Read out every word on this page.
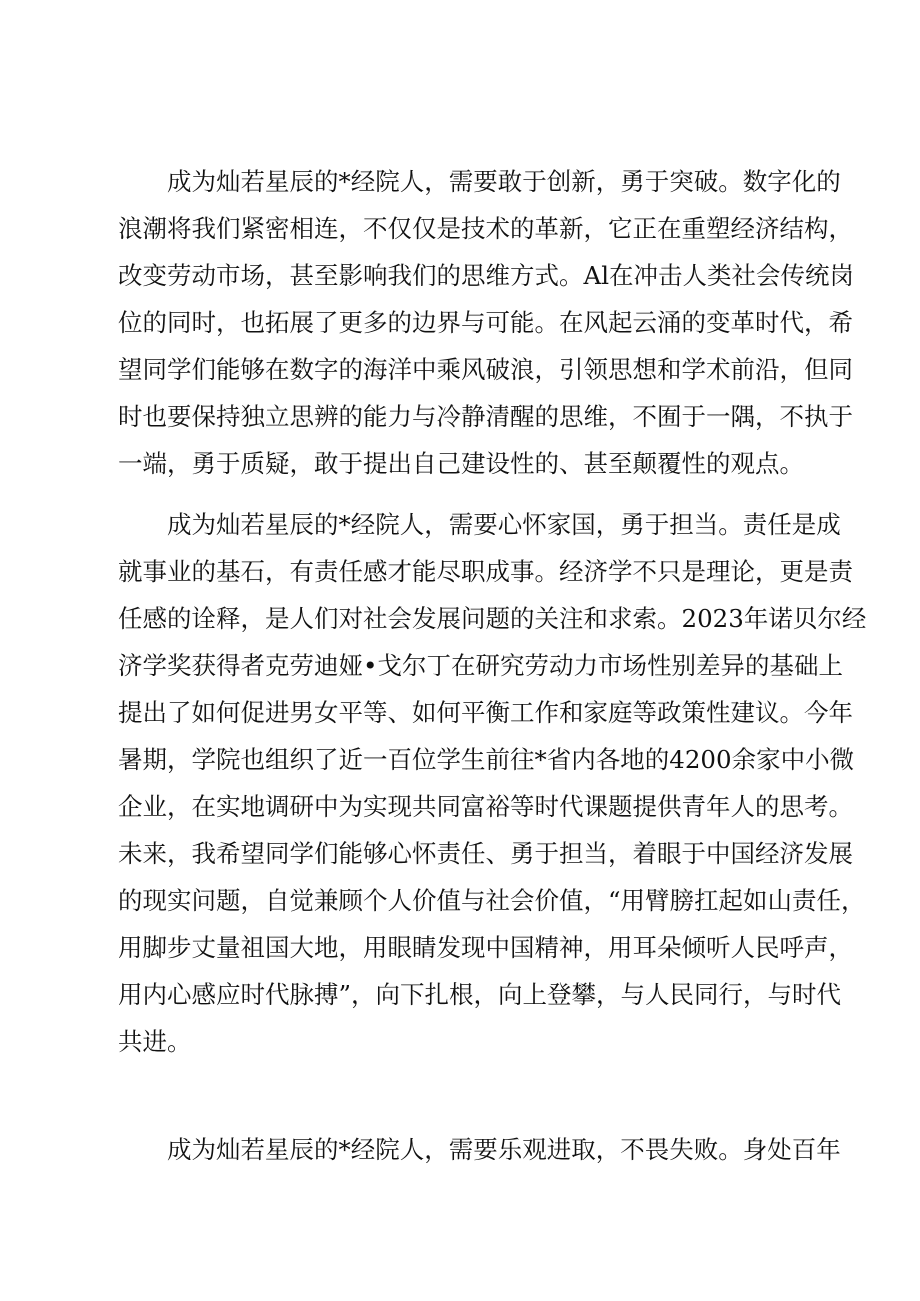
成为灿若星辰的*经院人，需要敢于创新，勇于突破。数字化的
浪潮将我们紧密相连，不仅仅是技术的革新，它正在重塑经济结构，
改变劳动市场，甚至影响我们的思维方式。Al在冲击人类社会传统岗
位的同时，也拓展了更多的边界与可能。在风起云涌的变革时代，希
望同学们能够在数字的海洋中乘风破浪，引领思想和学术前沿，但同
时也要保持独立思辨的能力与冷静清醒的思维，不囿于一隅，不执于
一端，勇于质疑，敢于提出自己建设性的、甚至颠覆性的观点。
成为灿若星辰的*经院人，需要心怀家国，勇于担当。责任是成
就事业的基石，有责任感才能尽职成事。经济学不只是理论，更是责
任感的诠释，是人们对社会发展问题的关注和求索。2023年诺贝尔经
济学奖获得者克劳迪娅•戈尔丁在研究劳动力市场性别差异的基础上
提出了如何促进男女平等、如何平衡工作和家庭等政策性建议。今年
暑期，学院也组织了近一百位学生前往*省内各地的4200余家中小微
企业，在实地调研中为实现共同富裕等时代课题提供青年人的思考。
未来，我希望同学们能够心怀责任、勇于担当，着眼于中国经济发展
的现实问题，自觉兼顾个人价值与社会价值，“用臂膀扛起如山责任，
用脚步丈量祖国大地，用眼睛发现中国精神，用耳朵倾听人民呼声，
用内心感应时代脉搏”，向下扎根，向上登攀，与人民同行，与时代
共进。
成为灿若星辰的*经院人，需要乐观进取，不畏失败。身处百年
